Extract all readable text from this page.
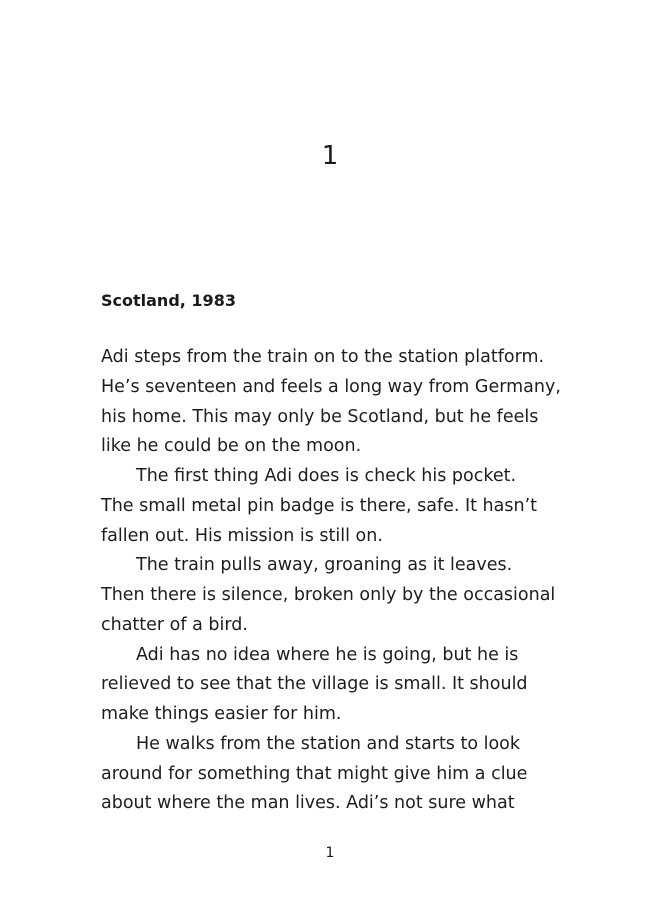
1
Scotland, 1983
Adi steps from the train on to the station platform.
He’s seventeen and feels a long way from Germany,
his home. This may only be Scotland, but he feels
like he could be on the moon.
The first thing Adi does is check his pocket.
The small metal pin badge is there, safe. It hasn’t
fallen out. His mission is still on.
The train pulls away, groaning as it leaves.
Then there is silence, broken only by the occasional
chatter of a bird.
Adi has no idea where he is going, but he is
relieved to see that the village is small. It should
make things easier for him.
He walks from the station and starts to look
around for something that might give him a clue
about where the man lives. Adi’s not sure what
1
